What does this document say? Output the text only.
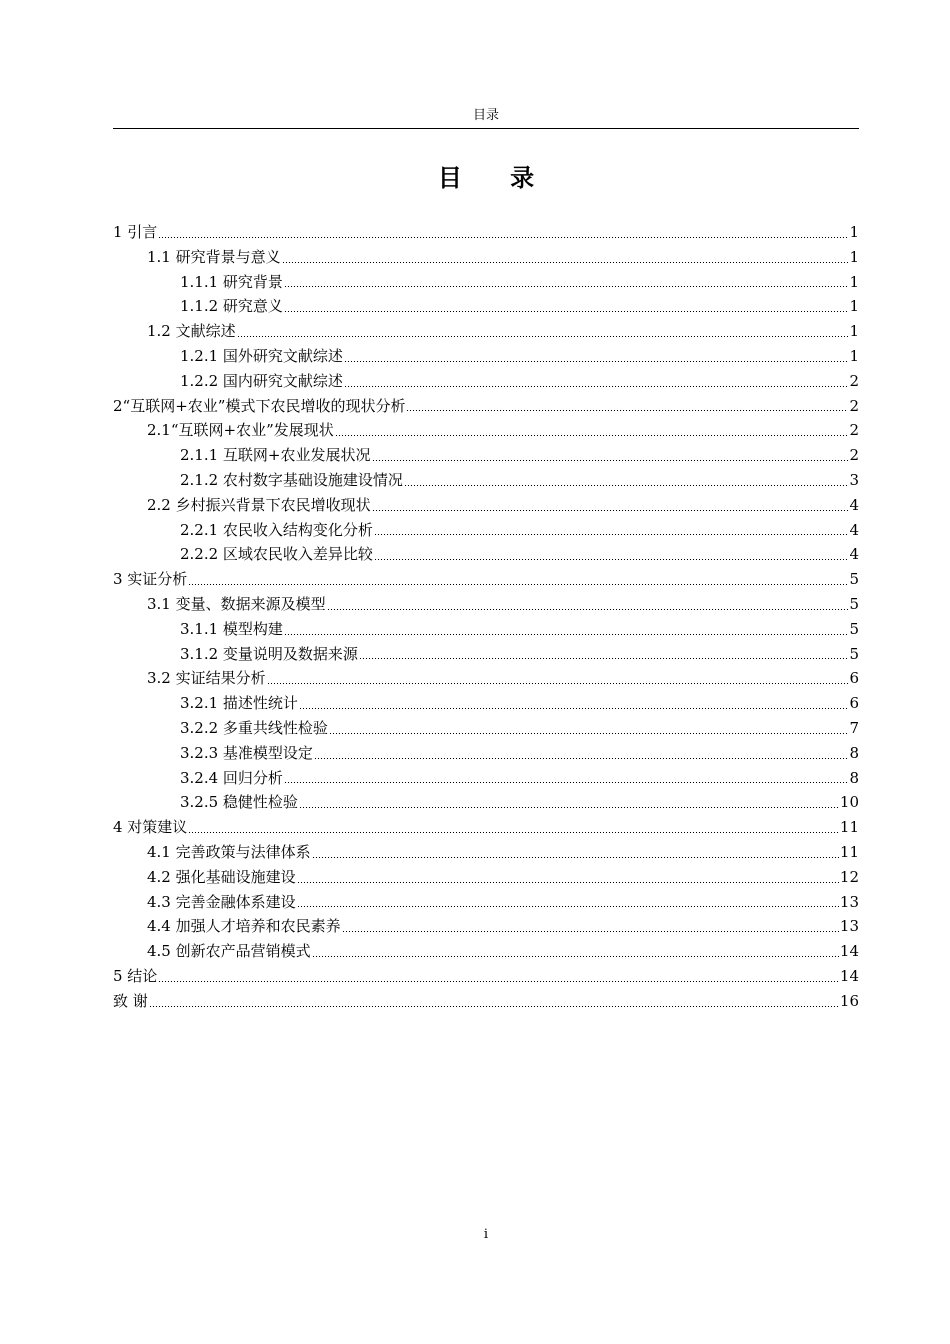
目录
目 录
1 引言	1
1.1 研究背景与意义	1
1.1.1 研究背景	1
1.1.2 研究意义	1
1.2 文献综述	1
1.2.1 国外研究文献综述	1
1.2.2 国内研究文献综述	2
2“互联网+农业”模式下农民增收的现状分析	2
2.1“互联网+农业”发展现状	2
2.1.1 互联网+农业发展状况	2
2.1.2 农村数字基础设施建设情况	3
2.2 乡村振兴背景下农民增收现状	4
2.2.1 农民收入结构变化分析	4
2.2.2 区域农民收入差异比较	4
3 实证分析	5
3.1 变量、数据来源及模型	5
3.1.1 模型构建	5
3.1.2 变量说明及数据来源	5
3.2 实证结果分析	6
3.2.1 描述性统计	6
3.2.2 多重共线性检验	7
3.2.3 基准模型设定	8
3.2.4 回归分析	8
3.2.5 稳健性检验	10
4 对策建议	11
4.1 完善政策与法律体系	11
4.2 强化基础设施建设	12
4.3 完善金融体系建设	13
4.4 加强人才培养和农民素养	13
4.5 创新农产品营销模式	14
5 结论	14
致 谢	16
i
